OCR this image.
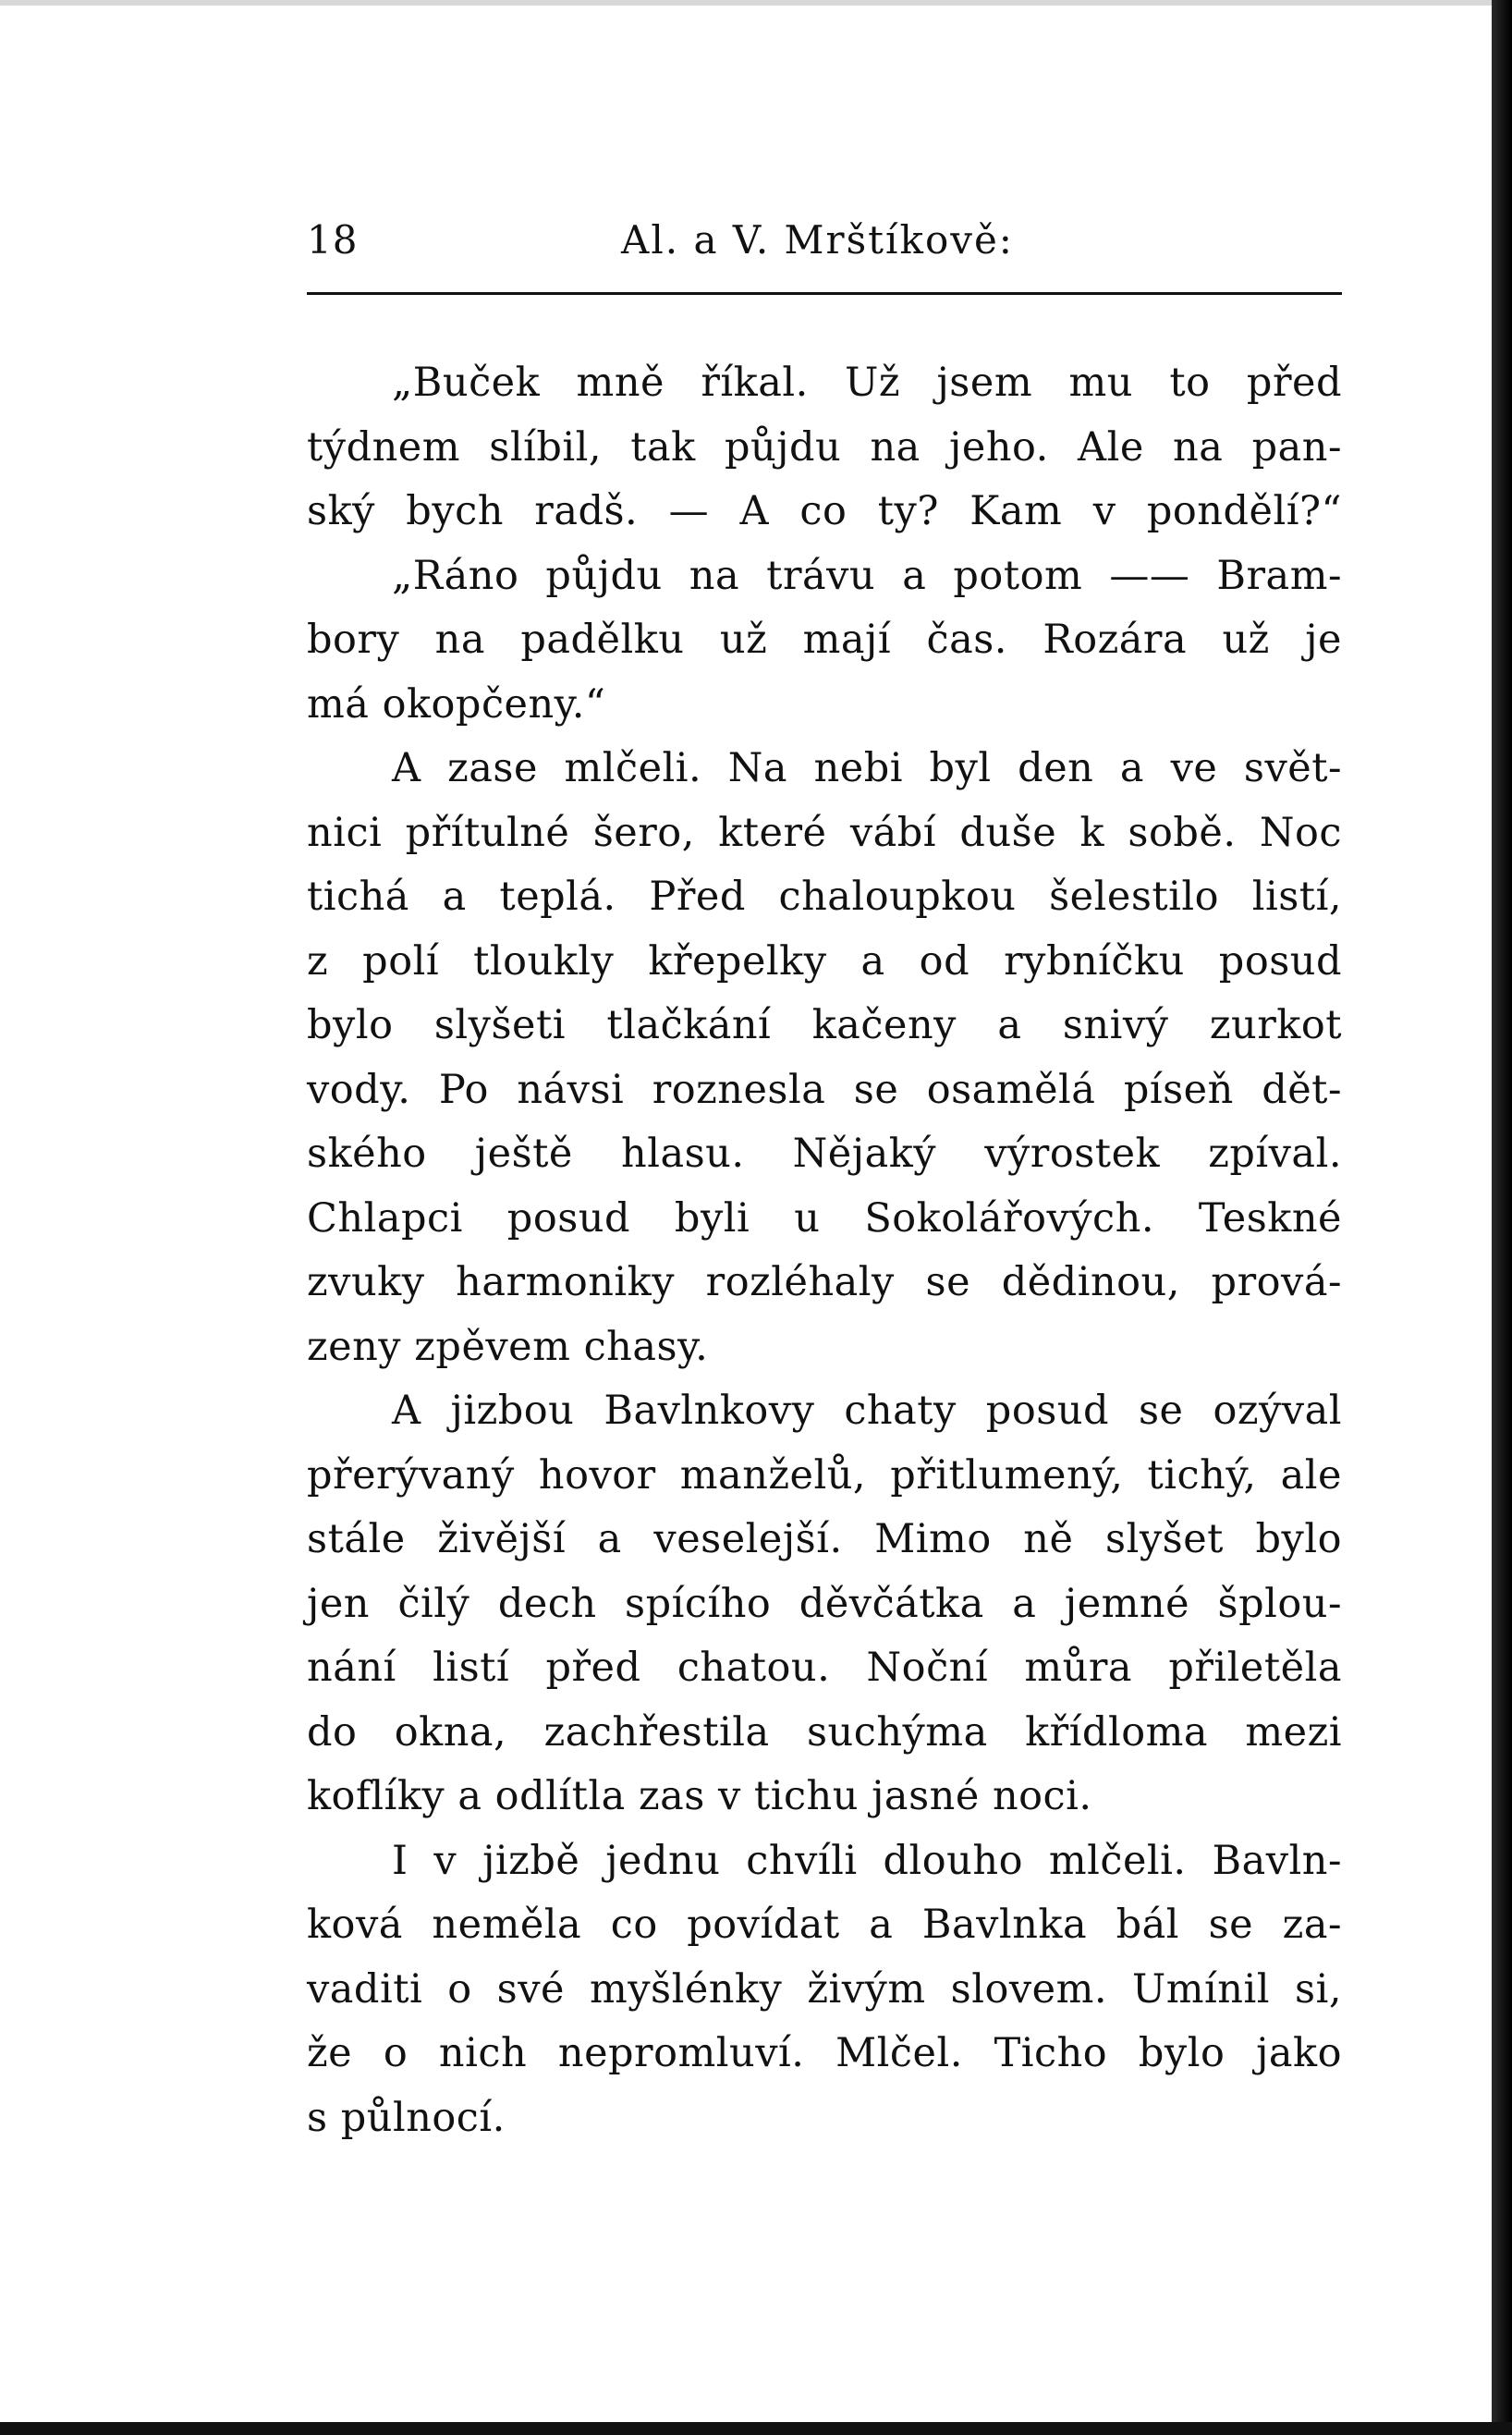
18	Al. a V. Mrštíkově:
„Buček mně říkal. Už jsem mu to před
týdnem slíbil, tak půjdu na jeho. Ale na pan-
ský bych radš. — A co ty? Kam v pondělí?“
„Ráno půjdu na trávu a potom —— Bram-
bory na padělku už mají čas. Rozára už je
má okopčeny.“
A zase mlčeli. Na nebi byl den a ve svět-
nici přítulné šero, které vábí duše k sobě. Noc
tichá a teplá. Před chaloupkou šelestilo listí,
z polí tloukly křepelky a od rybníčku posud
bylo slyšeti tlačkání kačeny a snivý zurkot
vody. Po návsi roznesla se osamělá píseň dět-
ského ještě hlasu. Nějaký výrostek zpíval.
Chlapci posud byli u Sokolářových. Teskné
zvuky harmoniky rozléhaly se dědinou, prová-
zeny zpěvem chasy.
A jizbou Bavlnkovy chaty posud se ozýval
přerývaný hovor manželů, přitlumený, tichý, ale
stále živější a veselejší. Mimo ně slyšet bylo
jen čilý dech spícího děvčátka a jemné šplou-
nání listí před chatou. Noční můra přiletěla
do okna, zachřestila suchýma křídloma mezi
koflíky a odlítla zas v tichu jasné noci.
I v jizbě jednu chvíli dlouho mlčeli. Bavln-
ková neměla co povídat a Bavlnka bál se za-
vaditi o své myšlénky živým slovem. Umínil si,
že o nich nepromluví. Mlčel. Ticho bylo jako
s půlnocí.
